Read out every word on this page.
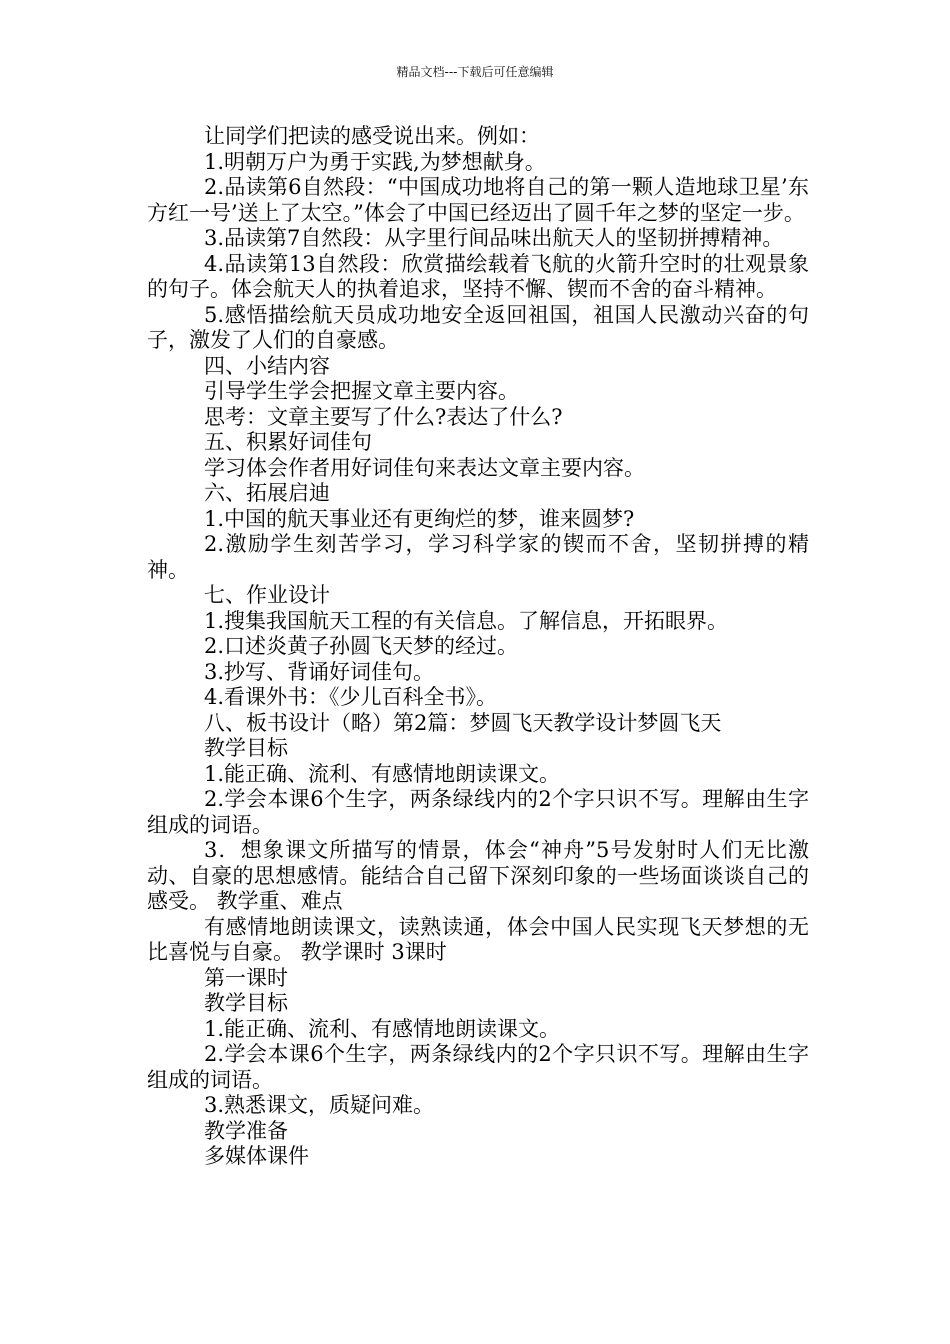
精品文档---下载后可任意编辑

让同学们把读的感受说出来。例如：

1.明朝万户为勇于实践,为梦想献身。

2.品读第6自然段：“中国成功地将自己的第一颗人造地球卫星’东方红一号’送上了太空。”体会了中国已经迈出了圆千年之梦的坚定一步。

3.品读第7自然段：从字里行间品味出航天人的坚韧拼搏精神。

4.品读第13自然段：欣赏描绘载着飞航的火箭升空时的壮观景象的句子。体会航天人的执着追求，坚持不懈、锲而不舍的奋斗精神。

5.感悟描绘航天员成功地安全返回祖国，祖国人民激动兴奋的句子，激发了人们的自豪感。

四、小结内容

引导学生学会把握文章主要内容。

思考：文章主要写了什么?表达了什么?

五、积累好词佳句

学习体会作者用好词佳句来表达文章主要内容。

六、拓展启迪

1.中国的航天事业还有更绚烂的梦，谁来圆梦?

2.激励学生刻苦学习，学习科学家的锲而不舍，坚韧拼搏的精神。

七、作业设计

1.搜集我国航天工程的有关信息。了解信息，开拓眼界。

2.口述炎黄子孙圆飞天梦的经过。

3.抄写、背诵好词佳句。

4.看课外书：《少儿百科全书》。

八、板书设计（略）第2篇：梦圆飞天教学设计梦圆飞天

教学目标

1.能正确、流利、有感情地朗读课文。

2.学会本课6个生字，两条绿线内的2个字只识不写。理解由生字组成的词语。

3．想象课文所描写的情景，体会“神舟”5号发射时人们无比激动、自豪的思想感情。能结合自己留下深刻印象的一些场面谈谈自己的感受。 教学重、难点

有感情地朗读课文，读熟读通，体会中国人民实现飞天梦想的无比喜悦与自豪。 教学课时 3课时

第一课时

教学目标

1.能正确、流利、有感情地朗读课文。

2.学会本课6个生字，两条绿线内的2个字只识不写。理解由生字组成的词语。

3.熟悉课文，质疑问难。

教学准备

多媒体课件
